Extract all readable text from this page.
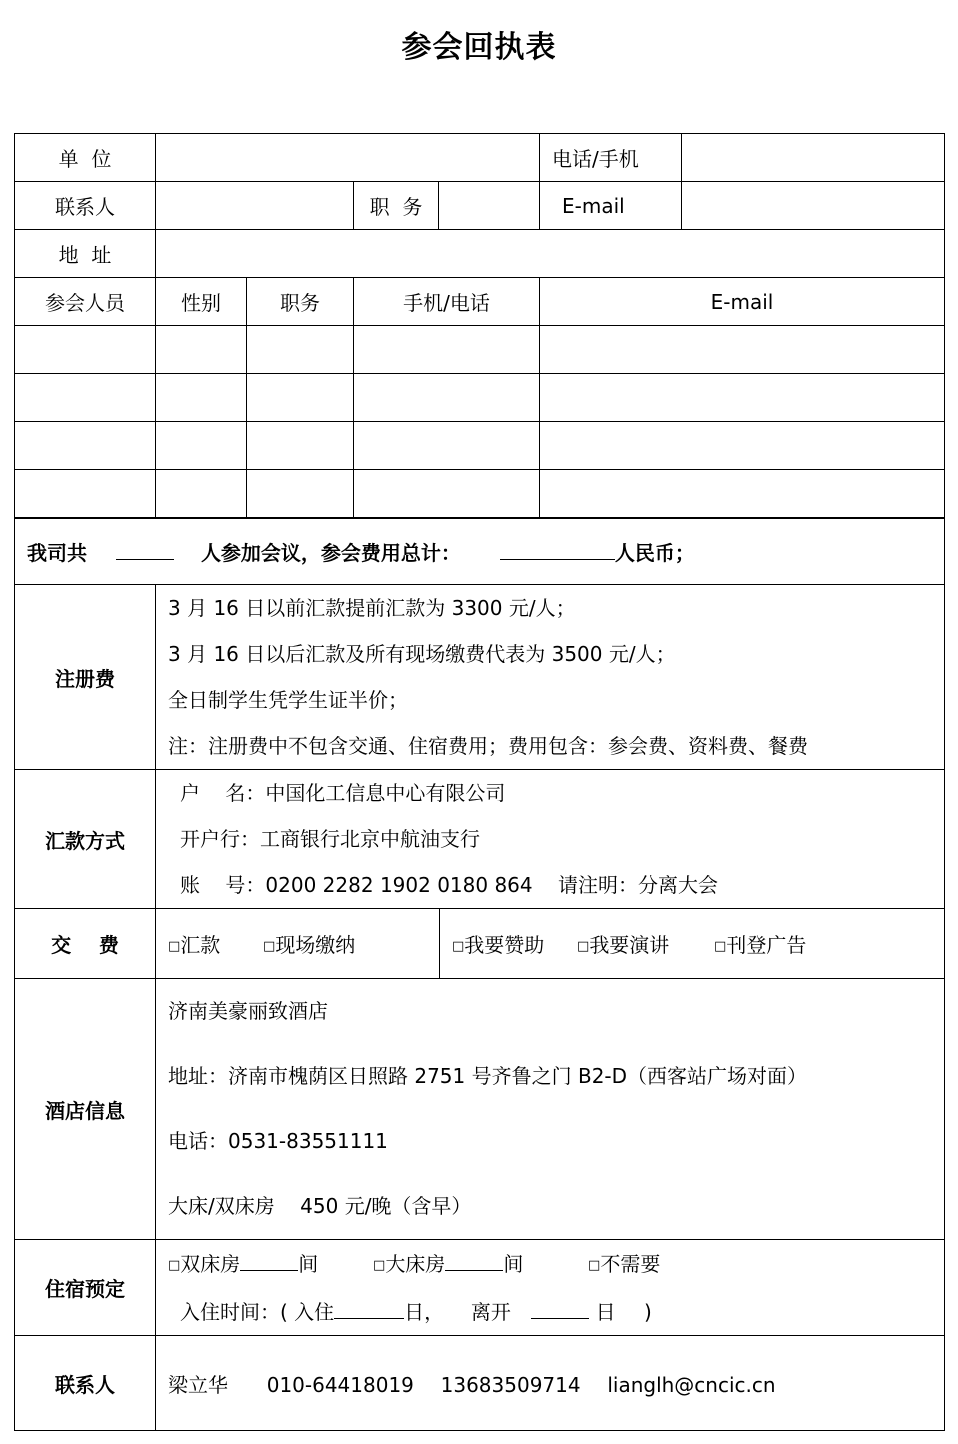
参会回执表
单  位				电话/手机	
联系人		职  务		E-mail	
地  址					
参会人员	性别	职务	手机/电话	E-mail

我司共 人参加会议，参会费用总计： 人民币；		
注册费	3 月 16 日以前汇款提前汇款为 3300 元/人；
3 月 16 日以后汇款及所有现场缴费代表为 3500 元/人；
全日制学生凭学生证半价；
注：注册费中不包含交通、住宿费用；费用包含：参会费、资料费、餐费	

汇款方式	户    名：中国化工信息中心有限公司
开户行：工商银行北京中航油支行
账    号：0200 2282 1902 0180 864    请注明：分离大会	

交    费	□汇款 □现场缴纳	□我要赞助 □我要演讲 □刊登广告
酒店信息	济南美豪丽致酒店
地址：济南市槐荫区日照路 2751 号齐鲁之门 B2-D（西客站广场对面）
电话：0531-83551111
大床/双床房    450 元/晚（含早）	

住宿预定	□双床房 间 □大床房 间 □不需要
入住时间：( 入住 日， 离开 日 )	

联系人	梁立华 010-64418019 13683509714 lianglh@cncic.cn	
